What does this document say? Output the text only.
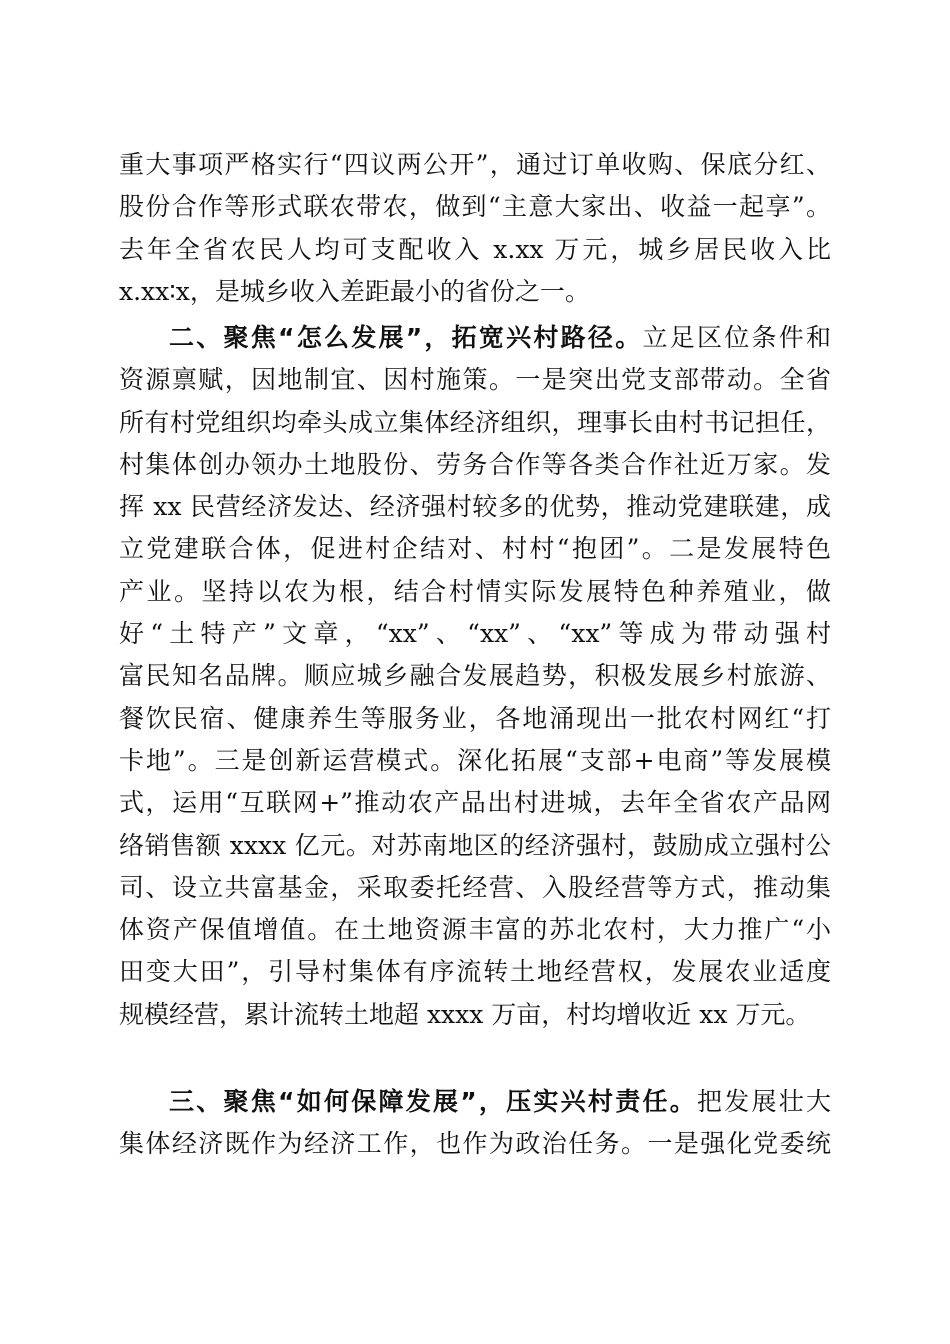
重大事项严格实行“四议两公开”，通过订单收购、保底分红、
股份合作等形式联农带农，做到“主意大家出、收益一起享”。
去年全省农民人均可支配收入 x.xx 万元，城乡居民收入比
x.xx∶x，是城乡收入差距最小的省份之一。
二、聚焦“怎么发展”，拓宽兴村路径。立足区位条件和
资源禀赋，因地制宜、因村施策。一是突出党支部带动。全省
所有村党组织均牵头成立集体经济组织，理事长由村书记担任，
村集体创办领办土地股份、劳务合作等各类合作社近万家。发
挥 xx 民营经济发达、经济强村较多的优势，推动党建联建，成
立党建联合体，促进村企结对、村村“抱团”。二是发展特色
产业。坚持以农为根，结合村情实际发展特色种养殖业，做
好“土特产”文章，“xx”、“xx”、“xx”等成为带动强村
富民知名品牌。顺应城乡融合发展趋势，积极发展乡村旅游、
餐饮民宿、健康养生等服务业，各地涌现出一批农村网红“打
卡地”。三是创新运营模式。深化拓展“支部+电商”等发展模
式，运用“互联网+”推动农产品出村进城，去年全省农产品网
络销售额 xxxx 亿元。对苏南地区的经济强村，鼓励成立强村公
司、设立共富基金，采取委托经营、入股经营等方式，推动集
体资产保值增值。在土地资源丰富的苏北农村，大力推广“小
田变大田”，引导村集体有序流转土地经营权，发展农业适度
规模经营，累计流转土地超 xxxx 万亩，村均增收近 xx 万元。
三、聚焦“如何保障发展”，压实兴村责任。把发展壮大
集体经济既作为经济工作，也作为政治任务。一是强化党委统
